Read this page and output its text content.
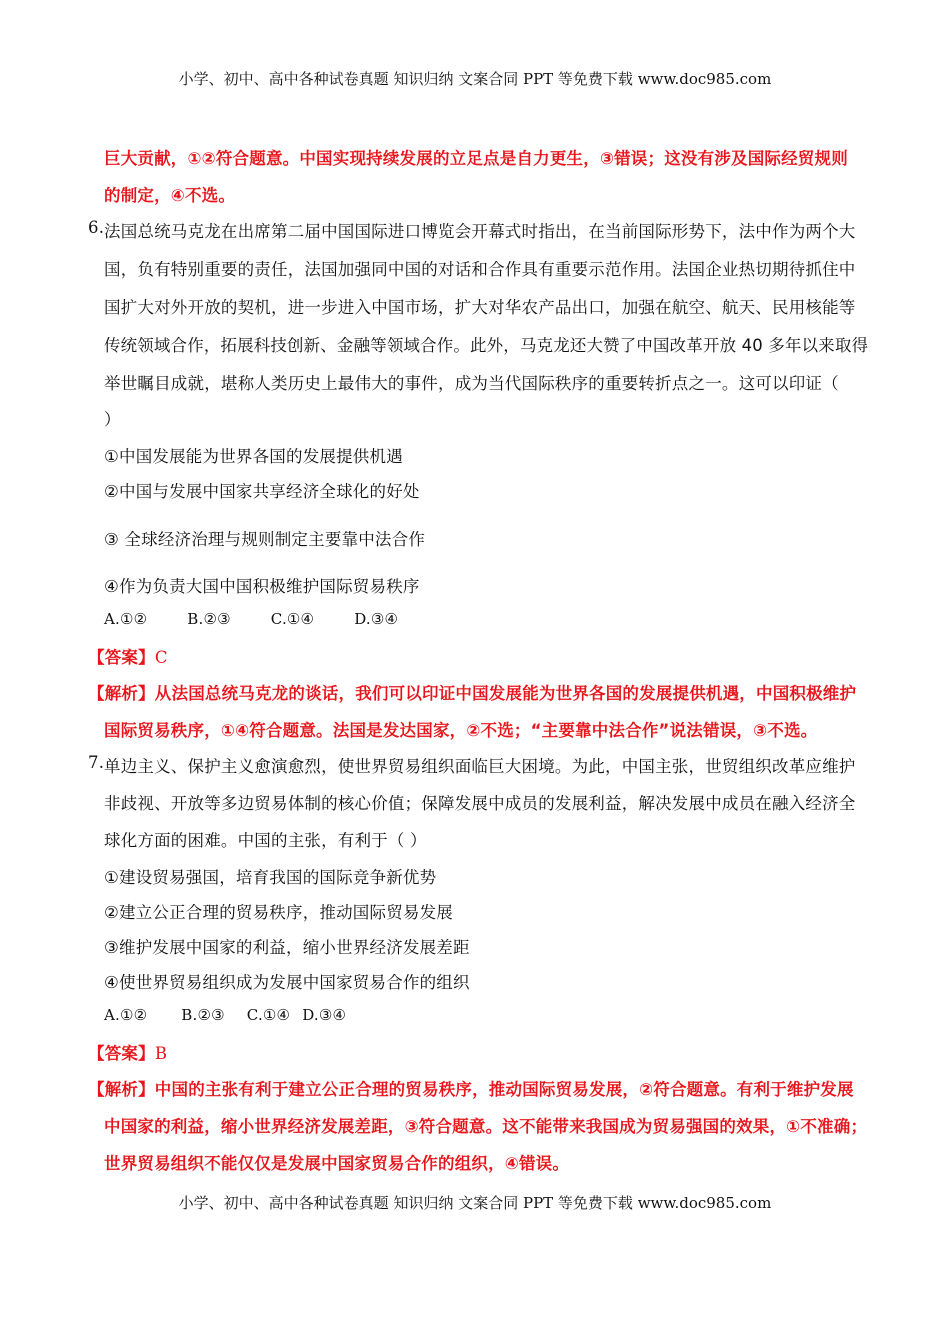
小学、初中、高中各种试卷真题 知识归纳 文案合同 PPT 等免费下载 www.doc985.com
巨大贡献，①②符合题意。中国实现持续发展的立足点是自力更生，③错误；这没有涉及国际经贸规则
的制定，④不选。
6. 法国总统马克龙在出席第二届中国国际进口博览会开幕式时指出，在当前国际形势下，法中作为两个大
国，负有特别重要的责任，法国加强同中国的对话和合作具有重要示范作用。法国企业热切期待抓住中
国扩大对外开放的契机，进一步进入中国市场，扩大对华农产品出口，加强在航空、航天、民用核能等
传统领域合作，拓展科技创新、金融等领域合作。此外，马克龙还大赞了中国改革开放 40 多年以来取得
举世瞩目成就，堪称人类历史上最伟大的事件，成为当代国际秩序的重要转折点之一。这可以印证（
）
①中国发展能为世界各国的发展提供机遇
②中国与发展中国家共享经济全球化的好处
③ 全球经济治理与规则制定主要靠中法合作
④作为负责大国中国积极维护国际贸易秩序
A.①②	B.②③	C.①④	D.③④
【答案】C
【解析】从法国总统马克龙的谈话，我们可以印证中国发展能为世界各国的发展提供机遇，中国积极维护
国际贸易秩序，①④符合题意。法国是发达国家，②不选；“主要靠中法合作”说法错误，③不选。
7. 单边主义、保护主义愈演愈烈，使世界贸易组织面临巨大困境。为此，中国主张，世贸组织改革应维护
非歧视、开放等多边贸易体制的核心价值；保障发展中成员的发展利益，解决发展中成员在融入经济全
球化方面的困难。中国的主张，有利于（ ）
①建设贸易强国，培育我国的国际竞争新优势
②建立公正合理的贸易秩序，推动国际贸易发展
③维护发展中国家的利益，缩小世界经济发展差距
④使世界贸易组织成为发展中国家贸易合作的组织
A.①② B.②③ C.①④ D.③④
【答案】B
【解析】中国的主张有利于建立公正合理的贸易秩序，推动国际贸易发展，②符合题意。有利于维护发展
中国家的利益，缩小世界经济发展差距，③符合题意。这不能带来我国成为贸易强国的效果，①不准确；
世界贸易组织不能仅仅是发展中国家贸易合作的组织，④错误。
小学、初中、高中各种试卷真题 知识归纳 文案合同 PPT 等免费下载 www.doc985.com
